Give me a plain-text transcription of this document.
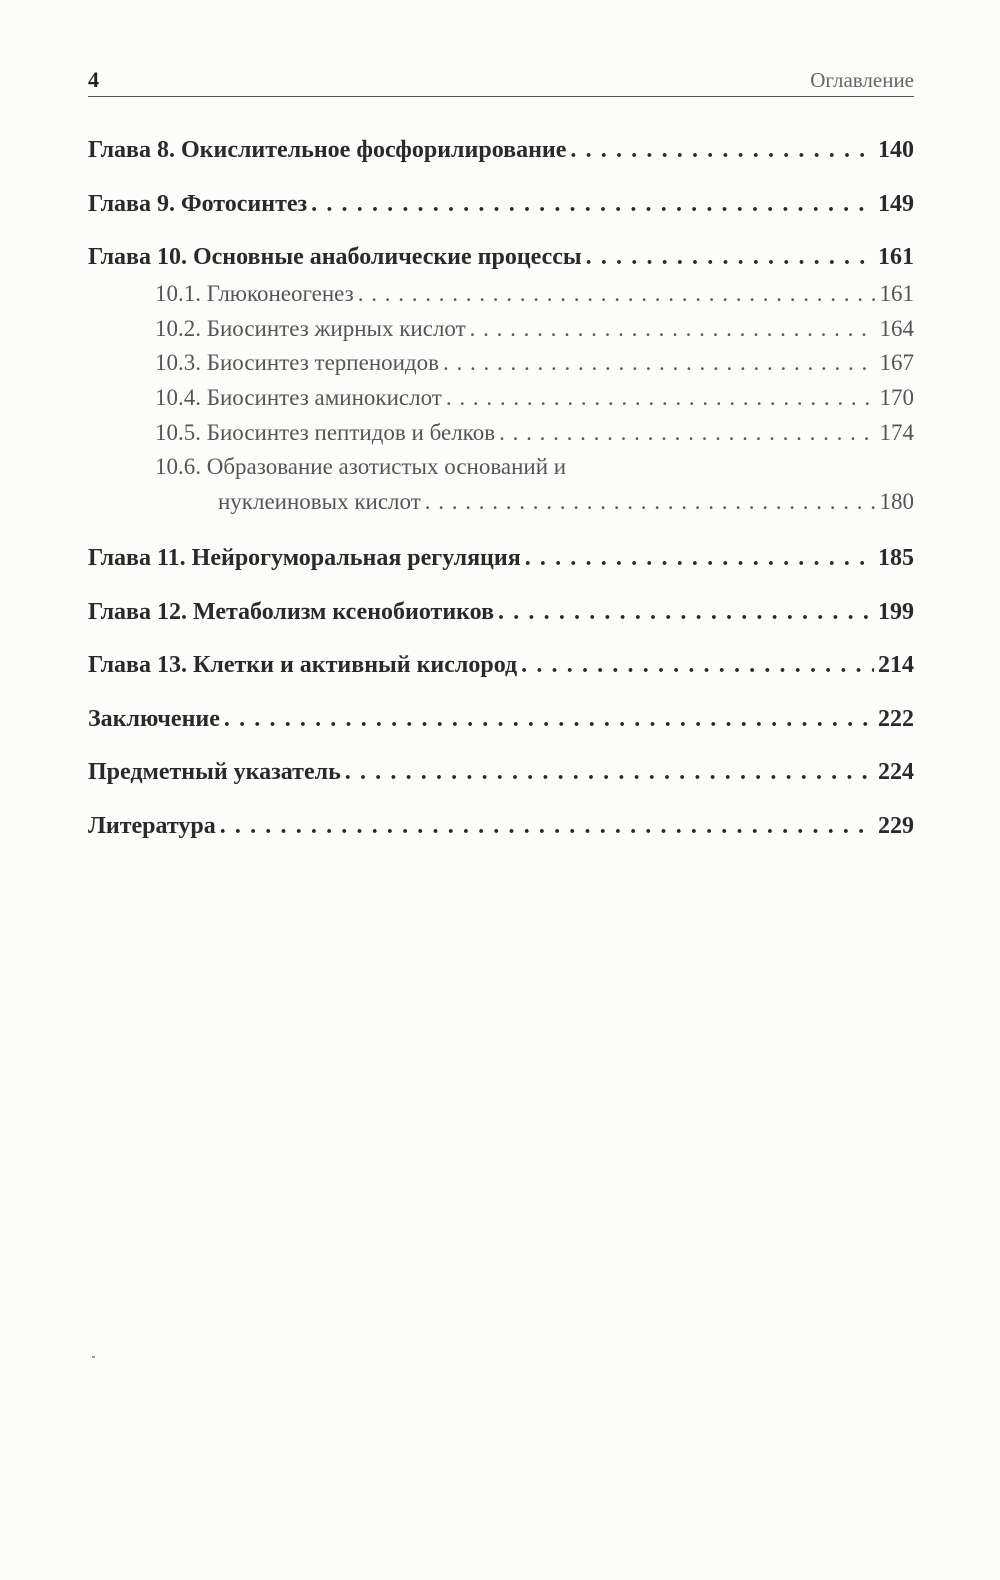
4	Оглавление
Глава 8. Окислительное фосфорилирование . . .	140
Глава 9. Фотосинтез . . .	149
Глава 10. Основные анаболические процессы . . .	161
10.1. Глюконеогенез . . .	161
10.2. Биосинтез жирных кислот . . .	164
10.3. Биосинтез терпеноидов . . .	167
10.4. Биосинтез аминокислот . . .	170
10.5. Биосинтез пептидов и белков . . .	174
10.6. Образование азотистых оснований и
нуклеиновых кислот . . .	180
Глава 11. Нейрогуморальная регуляция . . .	185
Глава 12. Метаболизм ксенобиотиков . . .	199
Глава 13. Клетки и активный кислород . . .	214
Заключение . . .	222
Предметный указатель . . .	224
Литература . . .	229
